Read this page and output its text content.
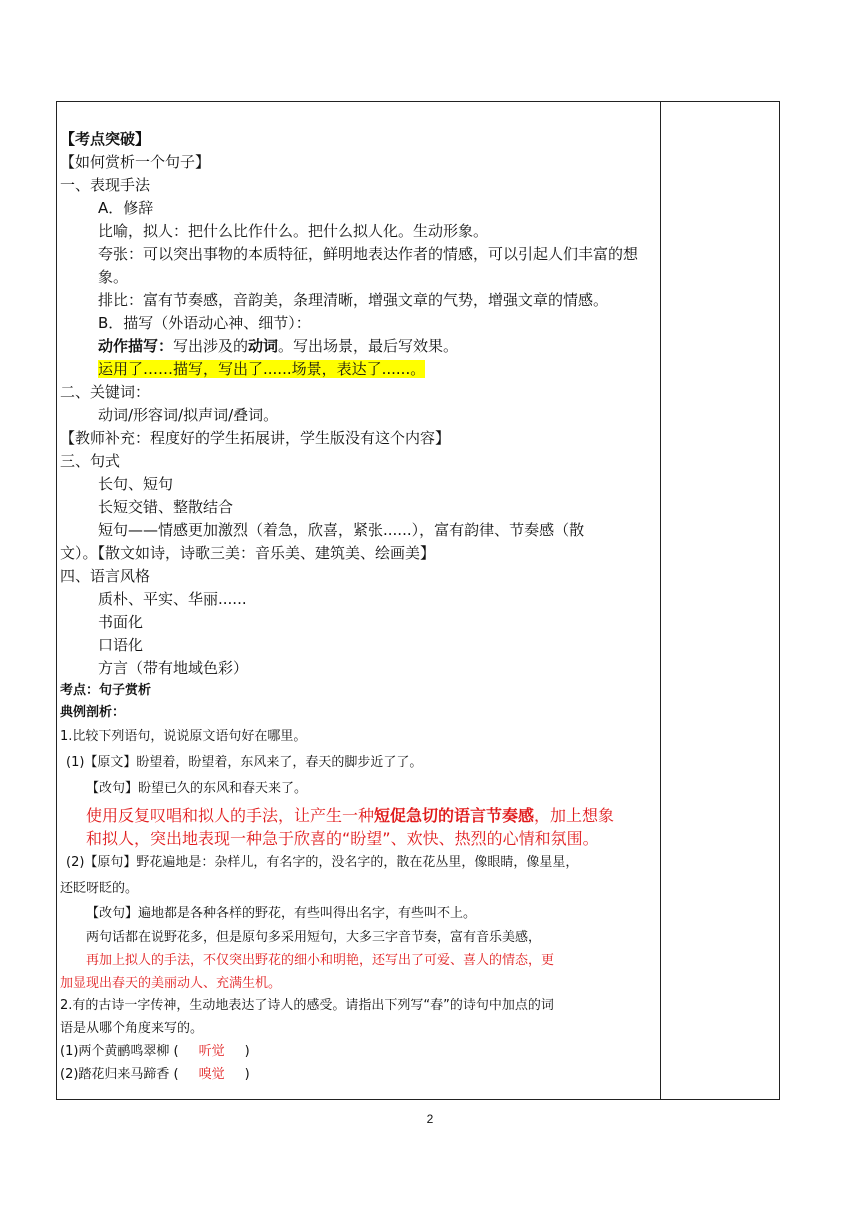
【考点突破】
【如何赏析一个句子】
一、表现手法
A．修辞
比喻，拟人：把什么比作什么。把什么拟人化。生动形象。
夸张：可以突出事物的本质特征，鲜明地表达作者的情感，可以引起人们丰富的想象。
排比：富有节奏感，音韵美，条理清晰，增强文章的气势，增强文章的情感。
B．描写（外语动心神、细节）：
动作描写：写出涉及的动词。写出场景，最后写效果。
运用了……描写，写出了......场景，表达了......。
二、关键词：
动词/形容词/拟声词/叠词。
【教师补充：程度好的学生拓展讲，学生版没有这个内容】
三、句式
长句、短句
长短交错、整散结合
短句——情感更加激烈（着急，欣喜，紧张......），富有韵律、节奏感（散
文）。【散文如诗，诗歌三美：音乐美、建筑美、绘画美】
四、语言风格
质朴、平实、华丽......
书面化
口语化
方言（带有地域色彩）
考点：句子赏析
典例剖析：
1.比较下列语句，说说原文语句好在哪里。
(1)【原文】盼望着，盼望着，东风来了，春天的脚步近了了。
【改句】盼望已久的东风和春天来了。
使用反复叹唱和拟人的手法，让产生一种短促急切的语言节奏感，加上想象
和拟人，突出地表现一种急于欣喜的“盼望”、欢快、热烈的心情和氛围。
(2)【原句】野花遍地是：杂样儿，有名字的，没名字的，散在花丛里，像眼睛，像星星，
还眨呀眨的。
【改句】遍地都是各种各样的野花，有些叫得出名字，有些叫不上。
两句话都在说野花多，但是原句多采用短句，大多三字音节奏，富有音乐美感，
再加上拟人的手法，不仅突出野花的细小和明艳，还写出了可爱、喜人的情态，更
加显现出春天的美丽动人、充满生机。
2.有的古诗一字传神，生动地表达了诗人的感受。请指出下列写“春”的诗句中加点的词
语是从哪个角度来写的。
(1)两个黄鹂鸣翠柳 ( 听觉 )
(2)踏花归来马蹄香 ( 嗅觉 )
2
